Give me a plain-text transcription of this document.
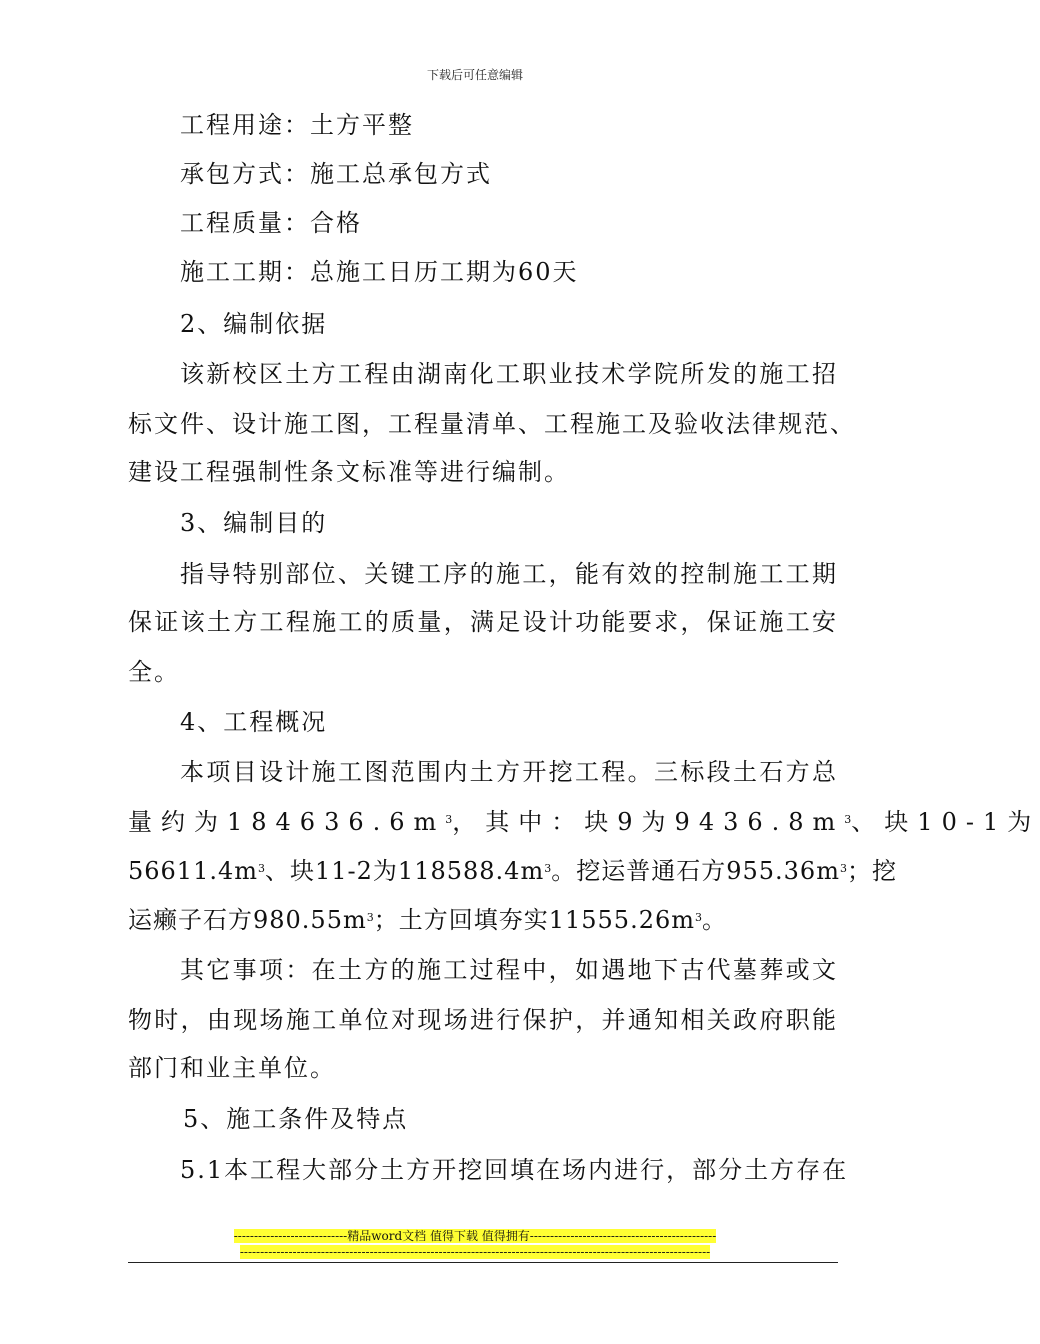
下载后可任意编辑
工程用途：土方平整
承包方式：施工总承包方式
工程质量：合格
施工工期：总施工日历工期为60天
2、编制依据
该新校区土方工程由湖南化工职业技术学院所发的施工招
标文件、设计施工图，工程量清单、工程施工及验收法律规范、
建设工程强制性条文标准等进行编制。
3、编制目的
指导特别部位、关键工序的施工，能有效的控制施工工期
保证该土方工程施工的质量，满足设计功能要求，保证施工安
全。
4、工程概况
本项目设计施工图范围内土方开挖工程。三标段土石方总
量约为$184636.6m^3$，其中：块9为$9436.8m^3$、块10-1为
$56611.4m^3$、块11-2为$118588.4m^3$。挖运普通石方$955.36m^3$；挖
运癞子石方$980.55m^3$；土方回填夯实$11555.26m^3$。
其它事项：在土方的施工过程中，如遇地下古代墓葬或文
物时，由现场施工单位对现场进行保护，并通知相关政府职能
部门和业主单位。
5、施工条件及特点
5.1本工程大部分土方开挖回填在场内进行，部分土方存在
----------------------------精品word文档 值得下载 值得拥有----------------------------------------------
--------------------------------------------------------------------------------------------------------------------
